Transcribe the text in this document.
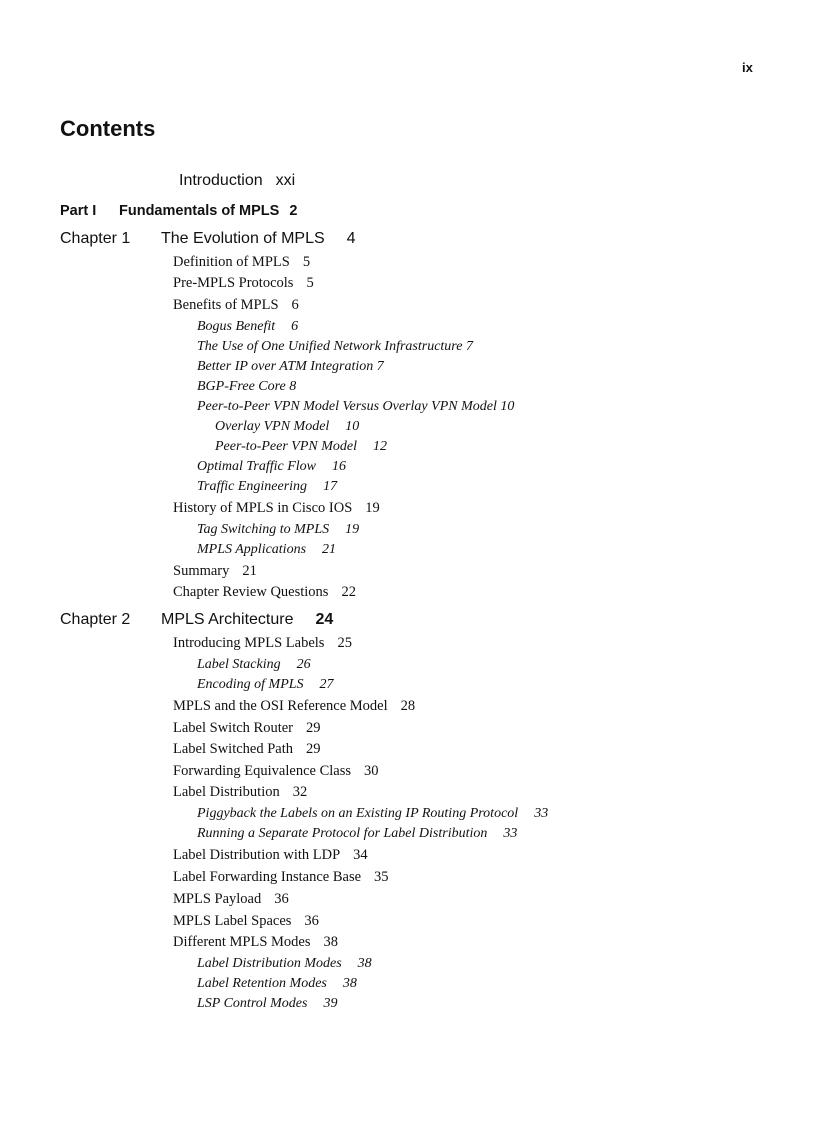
ix
Contents
Introduction xxi
Part I Fundamentals of MPLS 2
Chapter 1 The Evolution of MPLS 4
Definition of MPLS 5
Pre-MPLS Protocols 5
Benefits of MPLS 6
Bogus Benefit 6
The Use of One Unified Network Infrastructure 7
Better IP over ATM Integration 7
BGP-Free Core 8
Peer-to-Peer VPN Model Versus Overlay VPN Model 10
Overlay VPN Model 10
Peer-to-Peer VPN Model 12
Optimal Traffic Flow 16
Traffic Engineering 17
History of MPLS in Cisco IOS 19
Tag Switching to MPLS 19
MPLS Applications 21
Summary 21
Chapter Review Questions 22
Chapter 2 MPLS Architecture 24
Introducing MPLS Labels 25
Label Stacking 26
Encoding of MPLS 27
MPLS and the OSI Reference Model 28
Label Switch Router 29
Label Switched Path 29
Forwarding Equivalence Class 30
Label Distribution 32
Piggyback the Labels on an Existing IP Routing Protocol 33
Running a Separate Protocol for Label Distribution 33
Label Distribution with LDP 34
Label Forwarding Instance Base 35
MPLS Payload 36
MPLS Label Spaces 36
Different MPLS Modes 38
Label Distribution Modes 38
Label Retention Modes 38
LSP Control Modes 39
